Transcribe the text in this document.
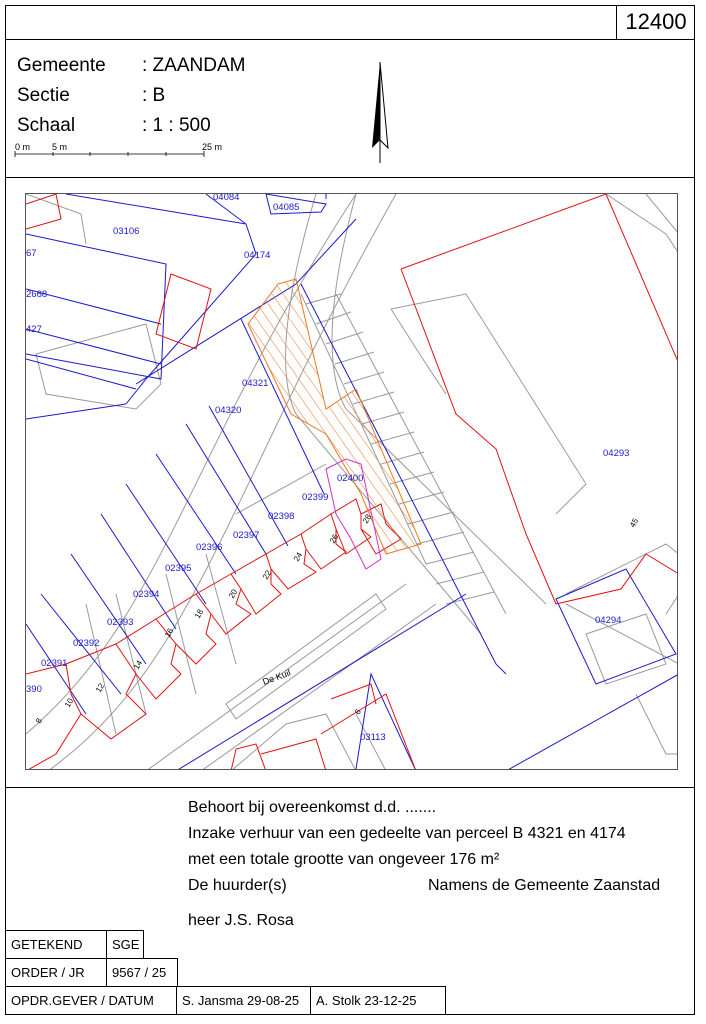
12400
Gemeente : ZAANDAM
Sectie	: B
Schaal	: 1 : 500
0 m 5 m	25 m
04084
04085
03106
04174
67
2668
427
04321
04320
04293
02400
02399
02398
02397
02396
02395
02394
02393
02392
02391
390
04294
03113
28
26
24
22
20
18
16
14
12
10
8
6
45
De Kuil
Behoort bij overeenkomst d.d. .......
Inzake verhuur van een gedeelte van perceel B 4321 en 4174
met een totale grootte van ongeveer 176 m²
De huurder(s)	Namens de Gemeente Zaanstad
heer J.S. Rosa
GETEKEND	SGE
ORDER / JR	9567 / 25
OPDR.GEVER / DATUM	S. Jansma 29-08-25	A. Stolk 23-12-25
